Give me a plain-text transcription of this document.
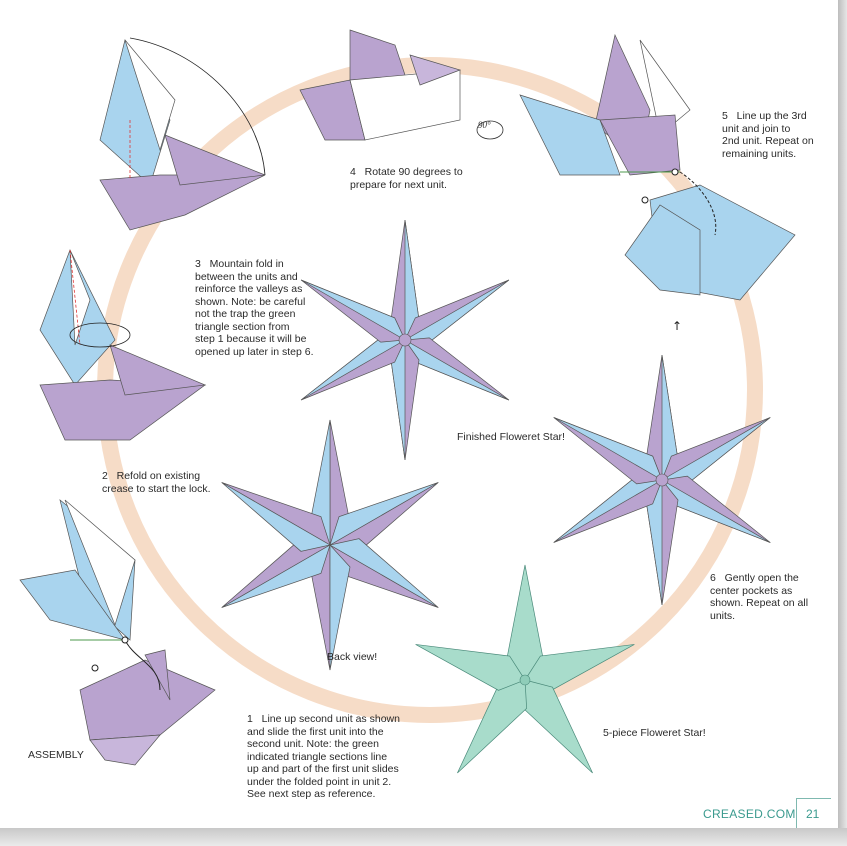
↑
90°
1 Line up second unit as shown
and slide the first unit into the
second unit. Note: the green
indicated triangle sections line
up and part of the first unit slides
under the folded point in unit 2.
See next step as reference.
2 Refold on existing
crease to start the lock.
3 Mountain fold in
between the units and
reinforce the valleys as
shown. Note: be careful
not the trap the green
triangle section from
step 1 because it will be
opened up later in step 6.
4 Rotate 90 degrees to
prepare for next unit.
5 Line up the 3rd
unit and join to
2nd unit. Repeat on
remaining units.
6 Gently open the
center pockets as
shown. Repeat on all
units.
ASSEMBLY
Finished Floweret Star!
Back view!
5-piece Floweret Star!
CREASED.COM 21
